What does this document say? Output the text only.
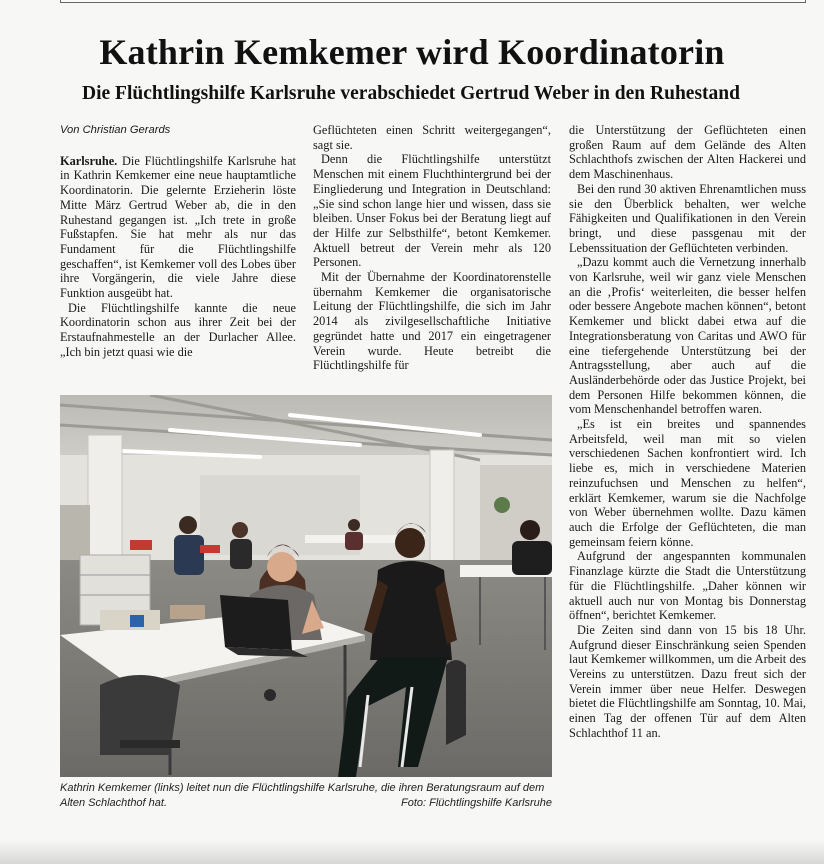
Kathrin Kemkemer wird Koordinatorin
Die Flüchtlingshilfe Karlsruhe verabschiedet Gertrud Weber in den Ruhestand

Von Christian Gerards

Karlsruhe. Die Flüchtlingshilfe Karlsruhe hat in Kathrin Kemkemer eine neue hauptamtliche Koordinatorin. Die gelernte Erzieherin löste Mitte März Gertrud Weber ab, die in den Ruhestand gegangen ist. „Ich trete in große Fußstapfen. Sie hat mehr als nur das Fundament für die Flüchtlingshilfe geschaffen“, ist Kemkemer voll des Lobes über ihre Vorgängerin, die viele Jahre diese Funktion ausgeübt hat.

Die Flüchtlingshilfe kannte die neue Koordinatorin schon aus ihrer Zeit bei der Erstaufnahmestelle an der Durlacher Allee. „Ich bin jetzt quasi wie die

Geflüchteten einen Schritt weitergegangen“, sagt sie.

Denn die Flüchtlingshilfe unterstützt Menschen mit einem Fluchthintergrund bei der Eingliederung und Integration in Deutschland: „Sie sind schon lange hier und wissen, dass sie bleiben. Unser Fokus bei der Beratung liegt auf der Hilfe zur Selbsthilfe“, betont Kemkemer. Aktuell betreut der Verein mehr als 120 Personen.

Mit der Übernahme der Koordinatorenstelle übernahm Kemkemer die organisatorische Leitung der Flüchtlingshilfe, die sich im Jahr 2014 als zivilgesellschaftliche Initiative gegründet hatte und 2017 ein eingetragener Verein wurde. Heute betreibt die Flüchtlingshilfe für

die Unterstützung der Geflüchteten einen großen Raum auf dem Gelände des Alten Schlachthofs zwischen der Alten Hackerei und dem Maschinenhaus.

Bei den rund 30 aktiven Ehrenamtlichen muss sie den Überblick behalten, wer welche Fähigkeiten und Qualifikationen in den Verein bringt, und diese passgenau mit der Lebenssituation der Geflüchteten verbinden.

„Dazu kommt auch die Vernetzung innerhalb von Karlsruhe, weil wir ganz viele Menschen an die ‚Profis‘ weiterleiten, die besser helfen oder bessere Angebote machen können“, betont Kemkemer und blickt dabei etwa auf die Integrationsberatung von Caritas und AWO für eine tiefergehende Unterstützung bei der Antragsstellung, aber auch auf die Ausländerbehörde oder das Justice Projekt, bei dem Personen Hilfe bekommen können, die vom Menschenhandel betroffen waren.

„Es ist ein breites und spannendes Arbeitsfeld, weil man mit so vielen verschiedenen Sachen konfrontiert wird. Ich liebe es, mich in verschiedene Materien reinzufuchsen und Menschen zu helfen“, erklärt Kemkemer, warum sie die Nachfolge von Weber übernehmen wollte. Dazu kämen auch die Erfolge der Geflüchteten, die man gemeinsam feiern könne.

Aufgrund der angespannten kommunalen Finanzlage kürzte die Stadt die Unterstützung für die Flüchtlingshilfe. „Daher können wir aktuell auch nur von Montag bis Donnerstag öffnen“, berichtet Kemkemer.

Die Zeiten sind dann von 15 bis 18 Uhr. Aufgrund dieser Einschränkung seien Spenden laut Kemkemer willkommen, um die Arbeit des Vereins zu unterstützen. Dazu freut sich der Verein immer über neue Helfer. Deswegen bietet die Flüchtlingshilfe am Sonntag, 10. Mai, einen Tag der offenen Tür auf dem Alten Schlachthof 11 an.

Kathrin Kemkemer (links) leitet nun die Flüchtlingshilfe Karlsruhe, die ihren Beratungsraum auf dem Alten Schlachthof hat.	Foto: Flüchtlingshilfe Karlsruhe
